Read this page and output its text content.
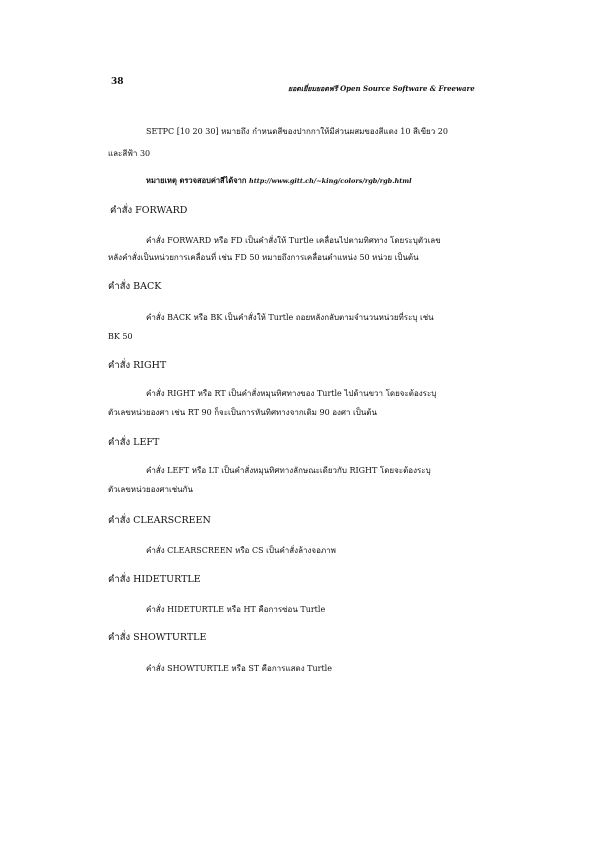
38
ยอดเยี่ยมยอดฟรี Open Source Software & Freeware
SETPC [10 20 30] หมายถึง กำหนดสีของปากกาให้มีส่วนผสมของสีแดง 10 สีเขียว 20
และสีฟ้า 30
หมายเหตุ ตรวจสอบค่าสีได้จาก http://www.gitt.ch/~king/colors/rgb/rgb.html
คำสั่ง FORWARD
คำสั่ง FORWARD หรือ FD เป็นคำสั่งให้ Turtle เคลื่อนไปตามทิศทาง โดยระบุตัวเลข
หลังคำสั่งเป็นหน่วยการเคลื่อนที่ เช่น FD 50 หมายถึงการเคลื่อนตำแหน่ง 50 หน่วย เป็นต้น
คำสั่ง BACK
คำสั่ง BACK หรือ BK เป็นคำสั่งให้ Turtle ถอยหลังกลับตามจำนวนหน่วยที่ระบุ เช่น
BK 50
คำสั่ง RIGHT
คำสั่ง RIGHT หรือ RT เป็นคำสั่งหมุนทิศทางของ Turtle ไปด้านขวา โดยจะต้องระบุ
ตัวเลขหน่วยองศา เช่น RT 90 ก็จะเป็นการหันทิศทางจากเดิม 90 องศา เป็นต้น
คำสั่ง LEFT
คำสั่ง LEFT หรือ LT เป็นคำสั่งหมุนทิศทางลักษณะเดียวกับ RIGHT โดยจะต้องระบุ
ตัวเลขหน่วยองศาเช่นกัน
คำสั่ง CLEARSCREEN
คำสั่ง CLEARSCREEN หรือ CS เป็นคำสั่งล้างจอภาพ
คำสั่ง HIDETURTLE
คำสั่ง HIDETURTLE หรือ HT คือการซ่อน Turtle
คำสั่ง SHOWTURTLE
คำสั่ง SHOWTURTLE หรือ ST คือการแสดง Turtle
